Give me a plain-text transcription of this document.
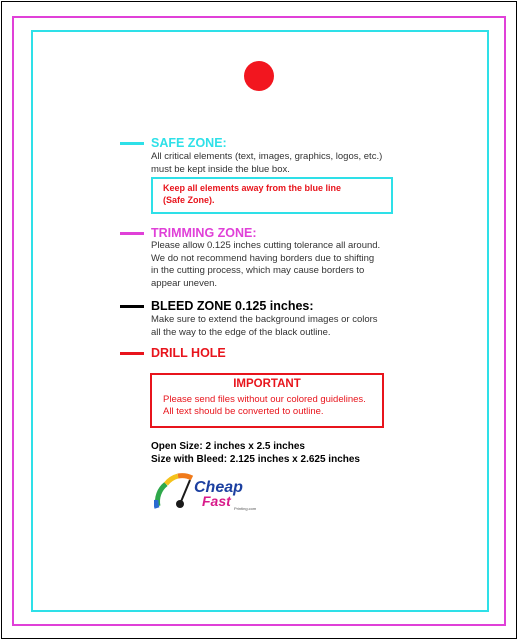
SAFE ZONE:
All critical elements (text, images, graphics, logos, etc.)
must be kept inside the blue box.
Keep all elements away from the blue line
(Safe Zone).
TRIMMING ZONE:
Please allow 0.125 inches cutting tolerance all around.
We do not recommend having borders due to shifting
in the cutting process, which may cause borders to
appear uneven.
BLEED ZONE 0.125 inches:
Make sure to extend the background images or colors
all the way to the edge of the black outline.
DRILL HOLE
IMPORTANT
Please send files without our colored guidelines.
All text should be converted to outline.
Open Size: 2 inches x 2.5 inches
Size with Bleed: 2.125 inches x 2.625 inches
Cheap
Fast Printing.com
